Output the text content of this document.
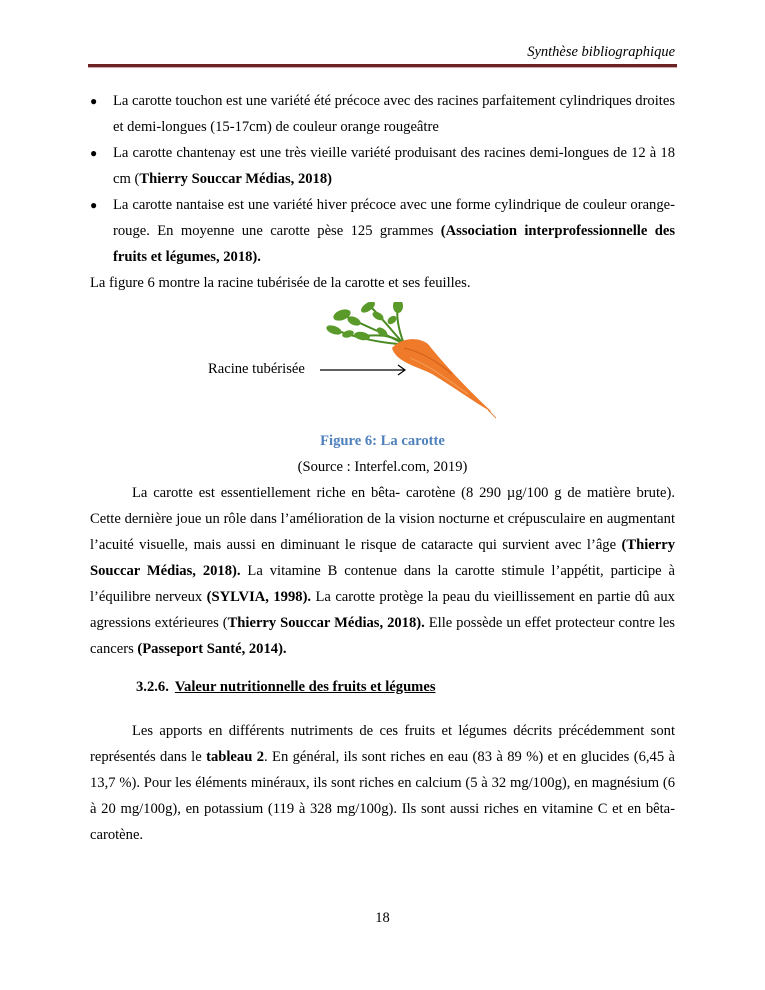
Synthèse bibliographique
● La carotte touchon est une variété été précoce avec des racines parfaitement cylindriques droites et demi-longues (15-17cm) de couleur orange rougeâtre
● La carotte chantenay est une très vieille variété produisant des racines demi-longues de 12 à 18 cm (Thierry Souccar Médias, 2018)
● La carotte nantaise est une variété hiver précoce avec une forme cylindrique de couleur orange-rouge. En moyenne une carotte pèse 125 grammes (Association interprofessionnelle des fruits et légumes, 2018).

La figure 6 montre la racine tubérisée de la carotte et ses feuilles.

Racine tubérisée

Figure 6: La carotte

(Source : Interfel.com, 2019)

La carotte est essentiellement riche en bêta- carotène (8 290 µg/100 g de matière brute). Cette dernière joue un rôle dans l’amélioration de la vision nocturne et crépusculaire en augmentant l’acuité visuelle, mais aussi en diminuant le risque de cataracte qui survient avec l’âge (Thierry Souccar Médias, 2018). La vitamine B contenue dans la carotte stimule l’appétit, participe à l’équilibre nerveux (SYLVIA, 1998). La carotte protège la peau du vieillissement en partie dû aux agressions extérieures (Thierry Souccar Médias, 2018). Elle possède un effet protecteur contre les cancers (Passeport Santé, 2014).

3.2.6. Valeur nutritionnelle des fruits et légumes

Les apports en différents nutriments de ces fruits et légumes décrits précédemment sont représentés dans le tableau 2. En général, ils sont riches en eau (83 à 89 %) et en glucides (6,45 à 13,7 %). Pour les éléments minéraux, ils sont riches en calcium (5 à 32 mg/100g), en magnésium (6 à 20 mg/100g), en potassium (119 à 328 mg/100g). Ils sont aussi riches en vitamine C et en bêta-carotène.

18
